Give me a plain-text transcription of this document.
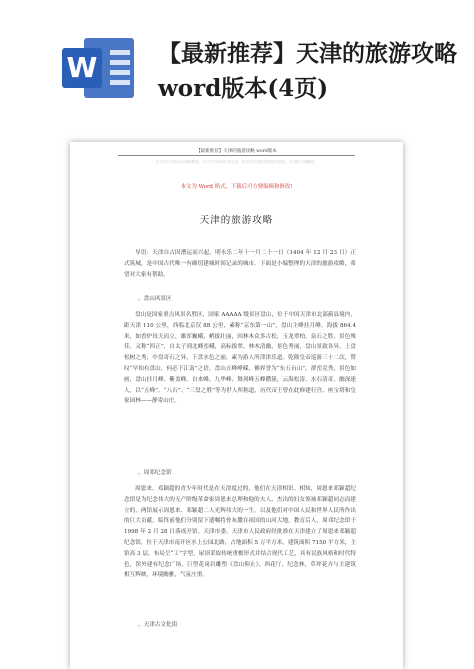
W	【最新推荐】天津的旅游攻略word版本(4页)
【最新推荐】天津的旅游攻略 word版本
本文部分内容来自网络整理，本司不为其真实性负责，如有异议或侵权请及时联系，本司将立即删除！
本文为 Word 格式，下载后可方便编辑和修改!
天津的旅游攻略
导语：天津自古因漕运而兴起，明永乐二年十一月二十一日（1404 年 12 月 23 日）正式筑城，是中国古代唯一有确切建城时间记录的城市。下面是小编整理的天津的旅游攻略，希望对大家有帮助。
、盘山风景区
盘山是国家重点风景名胜区，国家 AAAAA 级景区盘山，位于中国天津市北部蓟县境内，距天津 110 公里，西临北京仅 88 公里，素称“京东第一山”，盘山主峰挂月峰，海拔 864.4 米，如香炉耸天而立，雄浑巍峨，峭拔壮丽，因林木众多古松，玉龙翠柏，泉石之胜，景色殊佳。又称“四正”，自太子到北峰峦峨，高标拔翠，林木清幽，景色秀丽，盘山景致各异，上盘松树之秀，中盘奇石之异，下盘水色之丽，素为游人所津津乐道。乾隆皇帝巡游三十二次，赞叹“早知有盘山，何必下江南”之语，盘山五峰峥嵘，佛界誉为“东五台山”，群峦竞秀，景色如画，盘山挂月峰、紫盖峰、自来峰、九华峰、舞剑峰五峰攒簇，云海松涛，水石清奇，幽深迷人，以“五峰”、“八石”、“三盘之胜”等为世人所称道，历代帝王曾在此修建行宫、座宝塔和皇家园林——静寄山庄。
、周邓纪念馆
周恩来、邓颖超的青少年时代是在天津度过的，他们在天津相识、相知，周恩来邓颖超纪念馆是为纪念伟大的无产阶级革命家周恩来总理和他的夫人、杰出的妇女领袖邓颖超同志而建立的，两馆展示周恩来、邓颖超二人光辉伟大的一生，以及他们对中国人民和世界人民所作出的巨大贡献，临终前他们分别留下遗嘱将骨灰撒在祖国的山河大地，教育后人，周邓纪念馆于 1998 年 2 月 28 日落成开馆。天津市委、天津市人民政府经批准在天津建立了周恩来邓颖超纪念馆，位于天津市南开区水上公园北路，占地面积 5 万平方米，建筑面积 7150 平方米，主馆高 3 层，布局呈“工”字型，屋顶采取传统重檐形式并结合现代工艺，具有民族风格和时代特色，馆外建有纪念广场、巨型花岗岩雕塑《盘山仰止》、西花厅、纪念林，草坪花卉与主建筑相互辉映，环境幽雅，气氛庄重。
、天津古文化街
